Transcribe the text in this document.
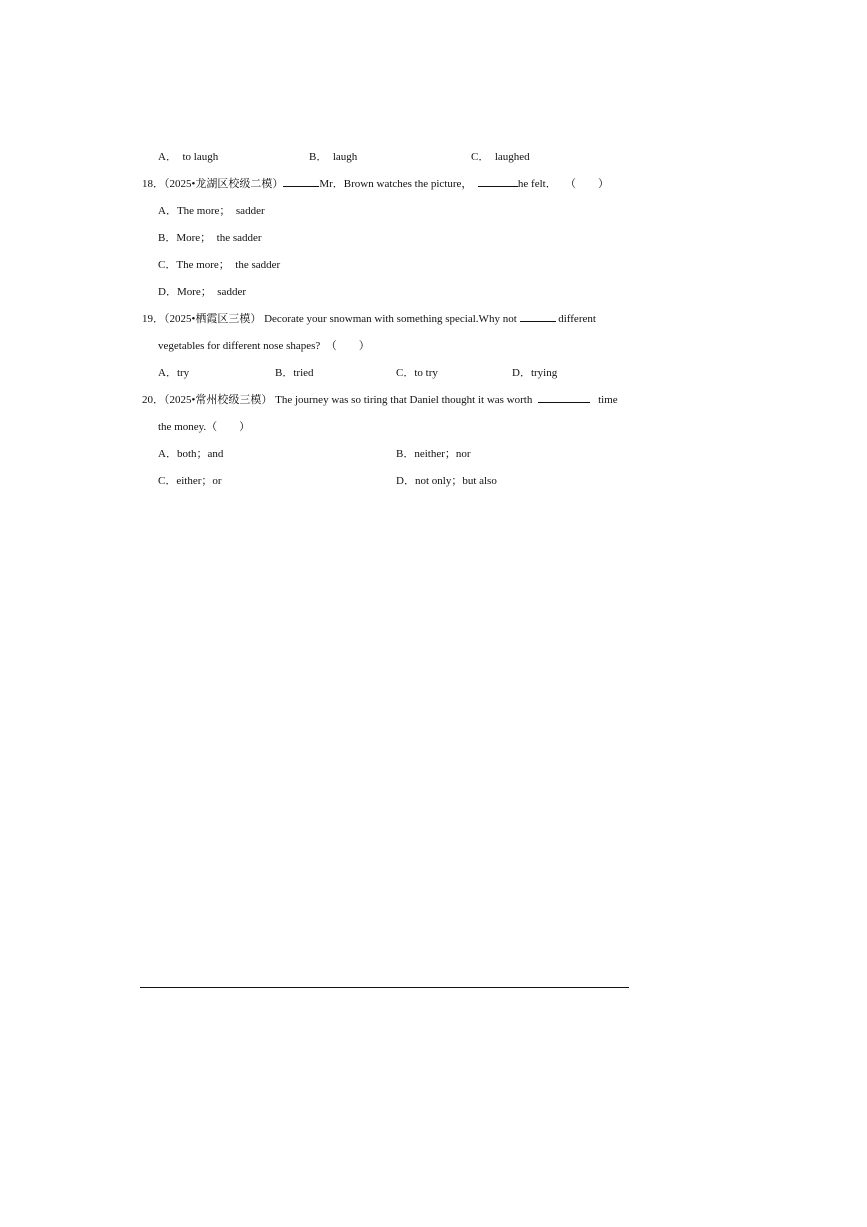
A． to laugh	B． laugh	C． laughed
18．（2025•龙湖区校级二模）	Mr．Brown watches the picture，	he felt． （　　）
A．The more；  sadder
B．More；  the sadder
C．The more；  the sadder
D．More；  sadder
19．（2025•栖霞区三模） Decorate your snowman with something special.Why not	different
vegetables for different nose shapes? （　　）
A．try	B．tried	C．to try	D．trying
20．（2025•常州校级三模） The journey was so tiring that Daniel thought it was worth	time
the money.（　　）
A．both；and	B．neither；nor
C．either；or	D．not only；but also
